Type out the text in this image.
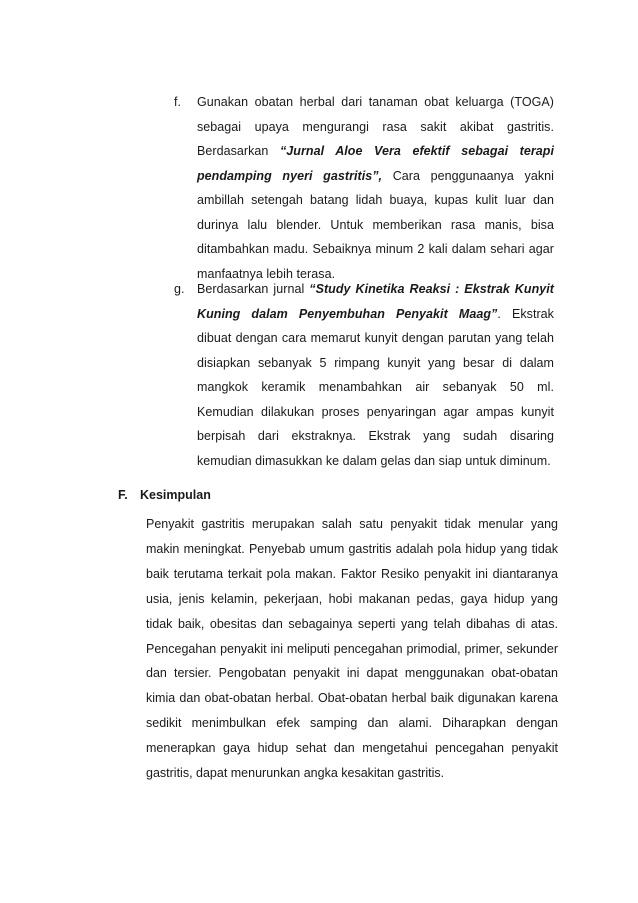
f. Gunakan obatan herbal dari tanaman obat keluarga (TOGA) sebagai upaya mengurangi rasa sakit akibat gastritis. Berdasarkan “Jurnal Aloe Vera efektif sebagai terapi pendamping nyeri gastritis”, Cara penggunaanya yakni ambillah setengah batang lidah buaya, kupas kulit luar dan durinya lalu blender. Untuk memberikan rasa manis, bisa ditambahkan madu. Sebaiknya minum 2 kali dalam sehari agar manfaatnya lebih terasa.
g. Berdasarkan jurnal “Study Kinetika Reaksi : Ekstrak Kunyit Kuning dalam Penyembuhan Penyakit Maag”. Ekstrak dibuat dengan cara memarut kunyit dengan parutan yang telah disiapkan sebanyak 5 rimpang kunyit yang besar di dalam mangkok keramik menambahkan air sebanyak 50 ml. Kemudian dilakukan proses penyaringan agar ampas kunyit berpisah dari ekstraknya. Ekstrak yang sudah disaring kemudian dimasukkan ke dalam gelas dan siap untuk diminum.
F. Kesimpulan
Penyakit gastritis merupakan salah satu penyakit tidak menular yang makin meningkat. Penyebab umum gastritis adalah pola hidup yang tidak baik terutama terkait pola makan. Faktor Resiko penyakit ini diantaranya usia, jenis kelamin, pekerjaan, hobi makanan pedas, gaya hidup yang tidak baik, obesitas dan sebagainya seperti yang telah dibahas di atas. Pencegahan penyakit ini meliputi pencegahan primodial, primer, sekunder dan tersier. Pengobatan penyakit ini dapat menggunakan obat-obatan kimia dan obat-obatan herbal. Obat-obatan herbal baik digunakan karena sedikit menimbulkan efek samping dan alami. Diharapkan dengan menerapkan gaya hidup sehat dan mengetahui pencegahan penyakit gastritis, dapat menurunkan angka kesakitan gastritis.
